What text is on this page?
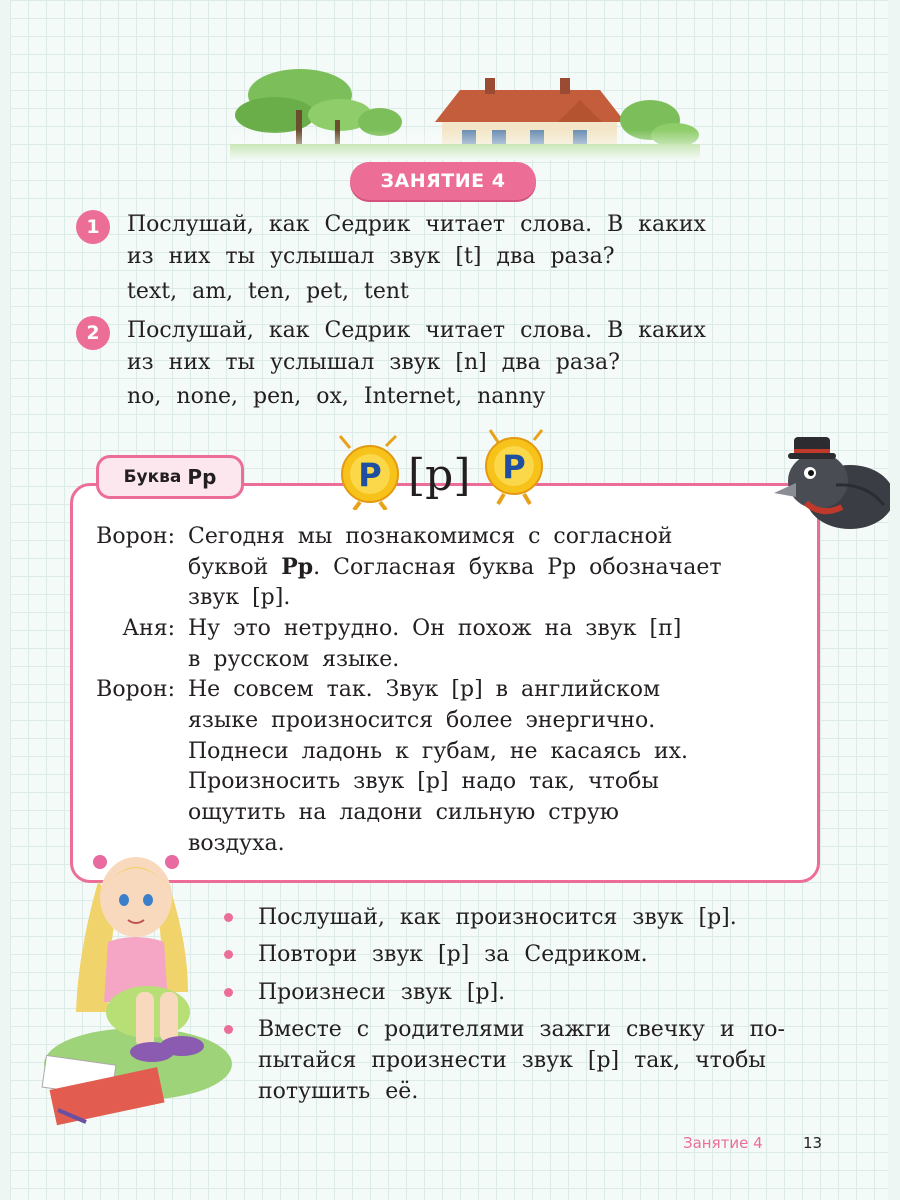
ЗАНЯТИЕ 4
1	Послушай, как Седрик читает слова. В каких
из них ты услышал звук [t] два раза?
text, am, ten, pet, tent
2	Послушай, как Седрик читает слова. В каких
из них ты услышал звук [n] два раза?
no, none, pen, ox, Internet, nanny
Буква Pp	P [p] P
Ворон: Сегодня мы познакомимся с согласной
буквой Pp. Согласная буква Pp обозначает
звук [p].
Аня: Ну это нетрудно. Он похож на звук [п]
в русском языке.
Ворон: Не совсем так. Звук [p] в английском
языке произносится более энергично.
Поднеси ладонь к губам, не касаясь их.
Произносить звук [p] надо так, чтобы
ощутить на ладони сильную струю
воздуха.
Послушай, как произносится звук [p].
Повтори звук [p] за Седриком.
Произнеси звук [p].
Вместе с родителями зажги свечку и по-
пытайся произнести звук [p] так, чтобы
потушить её.
Занятие 4	13
